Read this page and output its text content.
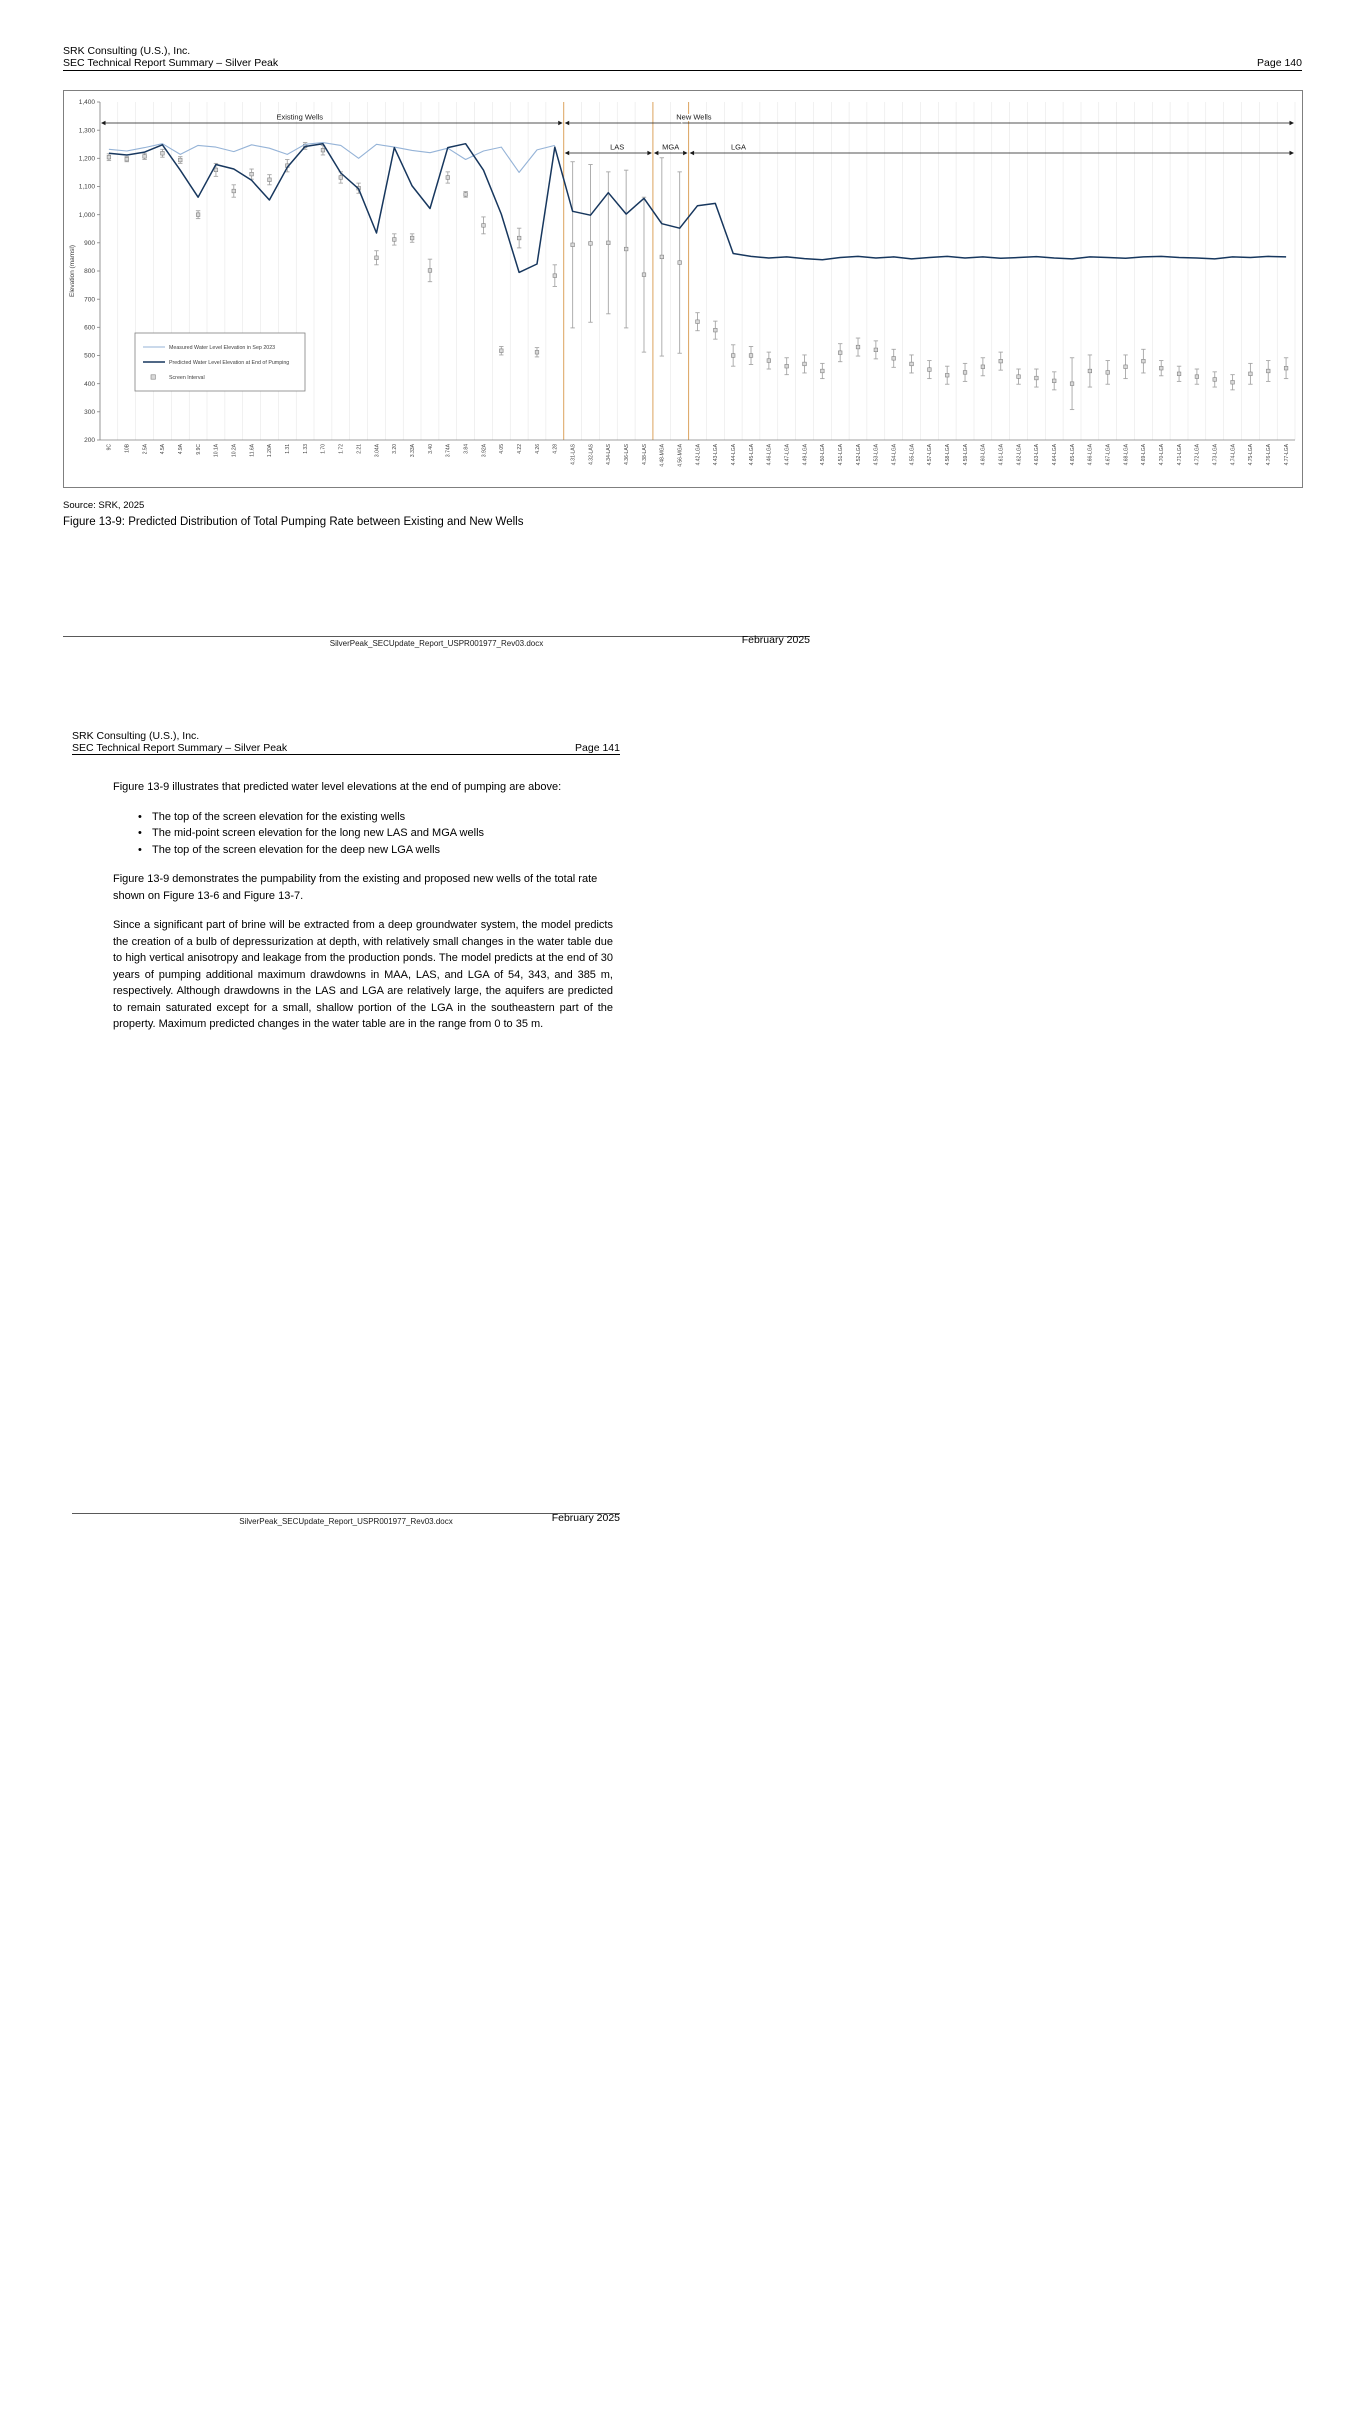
SRK Consulting (U.S.), Inc.
SEC Technical Report Summary – Silver Peak	Page 140
1,400
1,300
1,200
1,100
1,000
900
800
700
600
500
400
300
200
Elevation (mamsl)
9C 10B 2.5A 4.5A 4.9A 9.9C 10.1A 10.2A 11.6A 1.20A 1.31 1.33 1.70 1.72 2.21 3.04A 3.20 3.33A 3.40 3.74A 3.84 3.92A 4.05 4.22 4.26 4.28 4.31-LAS 4.32-LAS 4.34-LAS 4.36-LAS 4.38-LAS 4.48-MGA 4.56-MGA 4.42-LGA 4.43-LGA 4.44-LGA 4.45-LGA 4.46-LGA 4.47-LGA 4.49-LGA 4.50-LGA 4.51-LGA 4.52-LGA 4.53-LGA 4.54-LGA 4.55-LGA 4.57-LGA 4.58-LGA 4.59-LGA 4.60-LGA 4.61-LGA 4.62-LGA 4.63-LGA 4.64-LGA 4.65-LGA 4.66-LGA 4.67-LGA 4.68-LGA 4.69-LGA 4.70-LGA 4.71-LGA 4.72-LGA 4.73-LGA 4.74-LGA 4.75-LGA 4.76-LGA 4.77-LGA
Existing Wells	New Wells
LAS	MGA	LGA
Measured Water Level Elevation in Sep 2023
Predicted Water Level Elevation at End of Pumping
Screen Interval
Source: SRK, 2025
Figure 13-9: Predicted Distribution of Total Pumping Rate between Existing and New Wells
SilverPeak_SECUpdate_Report_USPR001977_Rev03.docx	February 2025
SRK Consulting (U.S.), Inc.
SEC Technical Report Summary – Silver Peak	Page 141

Figure 13-9 illustrates that predicted water level elevations at the end of pumping are above:

• The top of the screen elevation for the existing wells
• The mid-point screen elevation for the long new LAS and MGA wells
• The top of the screen elevation for the deep new LGA wells

Figure 13-9 demonstrates the pumpability from the existing and proposed new wells of the total rate shown on Figure 13-6 and Figure 13-7.

Since a significant part of brine will be extracted from a deep groundwater system, the model predicts the creation of a bulb of depressurization at depth, with relatively small changes in the water table due to high vertical anisotropy and leakage from the production ponds. The model predicts at the end of 30 years of pumping additional maximum drawdowns in MAA, LAS, and LGA of 54, 343, and 385 m, respectively. Although drawdowns in the LAS and LGA are relatively large, the aquifers are predicted to remain saturated except for a small, shallow portion of the LGA in the southeastern part of the property. Maximum predicted changes in the water table are in the range from 0 to 35 m.

SilverPeak_SECUpdate_Report_USPR001977_Rev03.docx	February 2025
